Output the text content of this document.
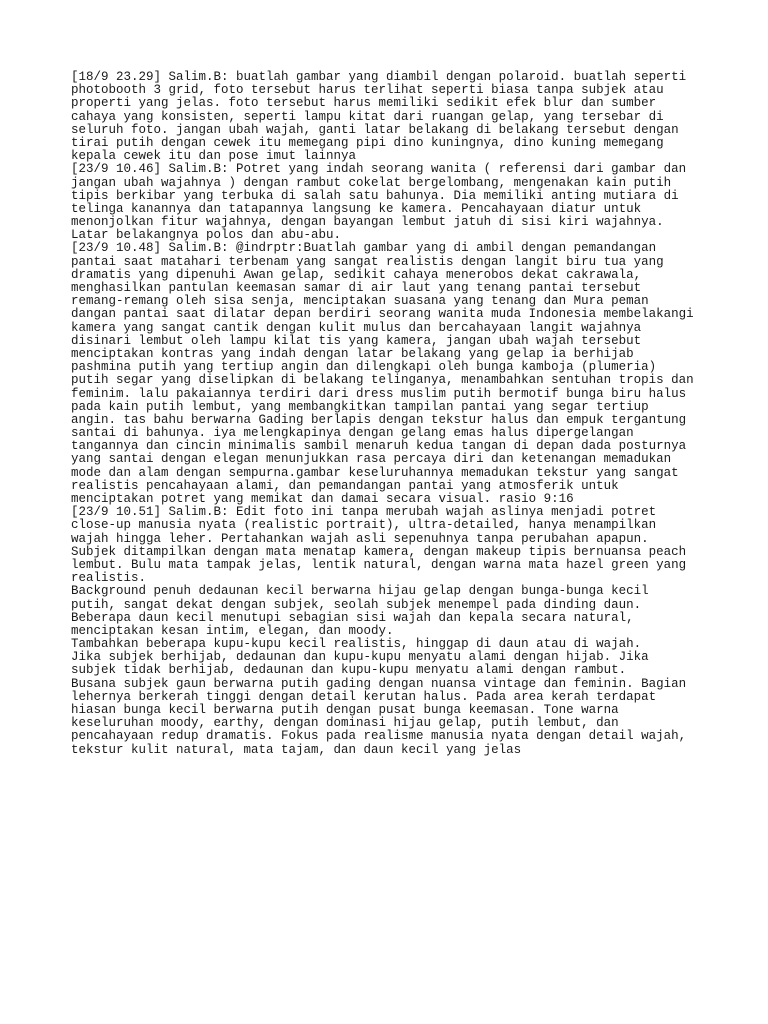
[18/9 23.29] Salim.B: buatlah gambar yang diambil dengan polaroid. buatlah seperti
photobooth 3 grid, foto tersebut harus terlihat seperti biasa tanpa subjek atau
properti yang jelas. foto tersebut harus memiliki sedikit efek blur dan sumber
cahaya yang konsisten, seperti lampu kitat dari ruangan gelap, yang tersebar di
seluruh foto. jangan ubah wajah, ganti latar belakang di belakang tersebut dengan
tirai putih dengan cewek itu memegang pipi dino kuningnya, dino kuning memegang
kepala cewek itu dan pose imut lainnya
[23/9 10.46] Salim.B: Potret yang indah seorang wanita ( referensi dari gambar dan
jangan ubah wajahnya ) dengan rambut cokelat bergelombang, mengenakan kain putih
tipis berkibar yang terbuka di salah satu bahunya. Dia memiliki anting mutiara di
telinga kanannya dan tatapannya langsung ke kamera. Pencahayaan diatur untuk
menonjolkan fitur wajahnya, dengan bayangan lembut jatuh di sisi kiri wajahnya.
Latar belakangnya polos dan abu-abu.
[23/9 10.48] Salim.B: @indrptr:Buatlah gambar yang di ambil dengan pemandangan
pantai saat matahari terbenam yang sangat realistis dengan langit biru tua yang
dramatis yang dipenuhi Awan gelap, sedikit cahaya menerobos dekat cakrawala,
menghasilkan pantulan keemasan samar di air laut yang tenang pantai tersebut
remang-remang oleh sisa senja, menciptakan suasana yang tenang dan Mura peman
dangan pantai saat dilatar depan berdiri seorang wanita muda Indonesia membelakangi
kamera yang sangat cantik dengan kulit mulus dan bercahayaan langit wajahnya
disinari lembut oleh lampu kilat tis yang kamera, jangan ubah wajah tersebut
menciptakan kontras yang indah dengan latar belakang yang gelap ia berhijab
pashmina putih yang tertiup angin dan dilengkapi oleh bunga kamboja (plumeria)
putih segar yang diselipkan di belakang telinganya, menambahkan sentuhan tropis dan
feminim. lalu pakaiannya terdiri dari dress muslim putih bermotif bunga biru halus
pada kain putih lembut, yang membangkitkan tampilan pantai yang segar tertiup
angin. tas bahu berwarna Gading berlapis dengan tekstur halus dan empuk tergantung
santai di bahunya. iya melengkapinya dengan gelang emas halus dipergelangan
tangannya dan cincin minimalis sambil menaruh kedua tangan di depan dada posturnya
yang santai dengan elegan menunjukkan rasa percaya diri dan ketenangan memadukan
mode dan alam dengan sempurna.gambar keseluruhannya memadukan tekstur yang sangat
realistis pencahayaan alami, dan pemandangan pantai yang atmosferik untuk
menciptakan potret yang memikat dan damai secara visual. rasio 9:16
[23/9 10.51] Salim.B: Edit foto ini tanpa merubah wajah aslinya menjadi potret
close-up manusia nyata (realistic portrait), ultra-detailed, hanya menampilkan
wajah hingga leher. Pertahankan wajah asli sepenuhnya tanpa perubahan apapun.
Subjek ditampilkan dengan mata menatap kamera, dengan makeup tipis bernuansa peach
lembut. Bulu mata tampak jelas, lentik natural, dengan warna mata hazel green yang
realistis.
Background penuh dedaunan kecil berwarna hijau gelap dengan bunga-bunga kecil
putih, sangat dekat dengan subjek, seolah subjek menempel pada dinding daun.
Beberapa daun kecil menutupi sebagian sisi wajah dan kepala secara natural,
menciptakan kesan intim, elegan, dan moody.
Tambahkan beberapa kupu-kupu kecil realistis, hinggap di daun atau di wajah.
Jika subjek berhijab, dedaunan dan kupu-kupu menyatu alami dengan hijab. Jika
subjek tidak berhijab, dedaunan dan kupu-kupu menyatu alami dengan rambut.
Busana subjek gaun berwarna putih gading dengan nuansa vintage dan feminin. Bagian
lehernya berkerah tinggi dengan detail kerutan halus. Pada area kerah terdapat
hiasan bunga kecil berwarna putih dengan pusat bunga keemasan. Tone warna
keseluruhan moody, earthy, dengan dominasi hijau gelap, putih lembut, dan
pencahayaan redup dramatis. Fokus pada realisme manusia nyata dengan detail wajah,
tekstur kulit natural, mata tajam, dan daun kecil yang jelas
